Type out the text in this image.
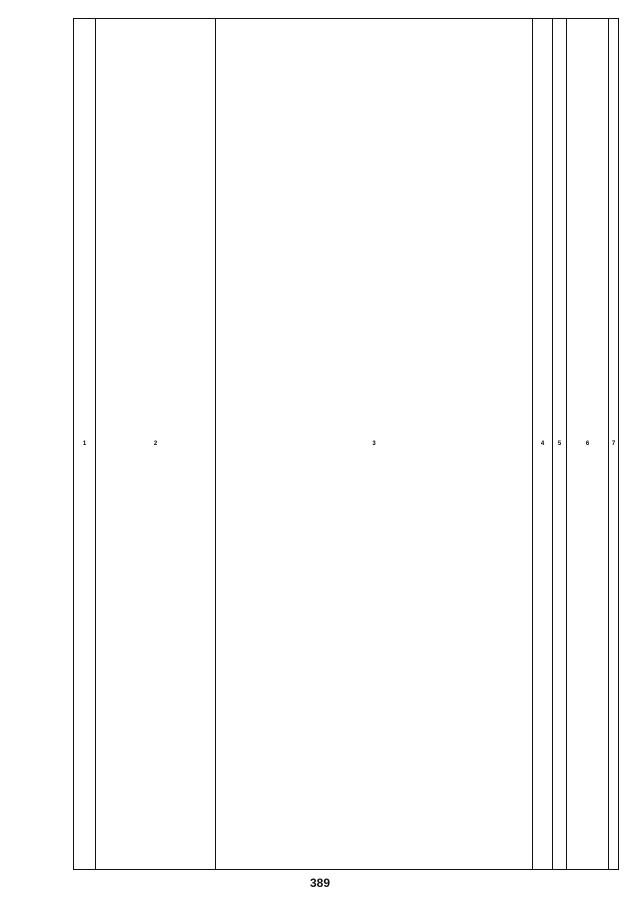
1	2	3	4	5	6	7
389
